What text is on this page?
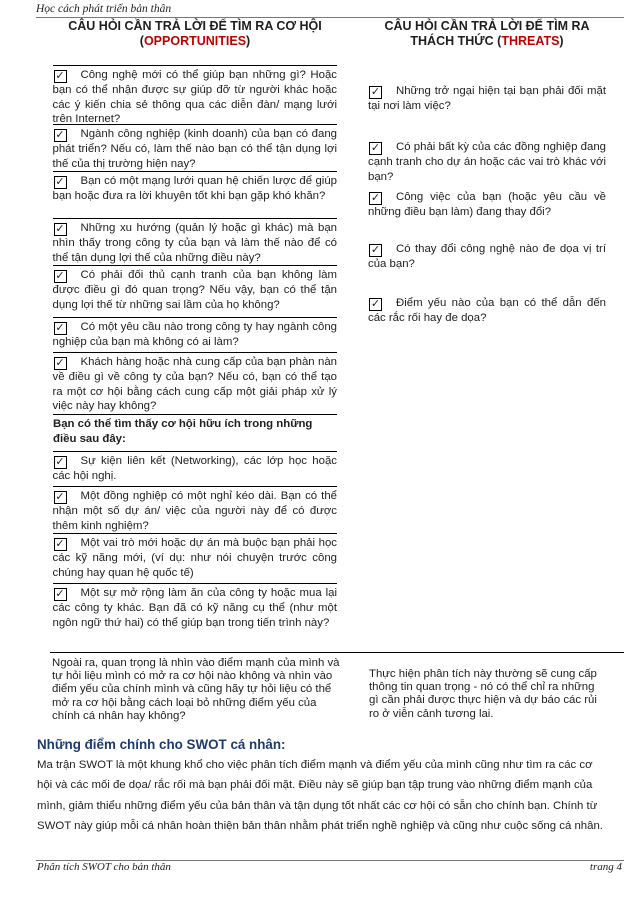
Học cách phát triển bản thân
CÂU HỎI CẦN TRẢ LỜI ĐỂ TÌM RA CƠ HỘI
(OPPORTUNITIES)
✓ Công nghệ mới có thể giúp bạn những gì? Hoặc bạn có thể nhận được sự giúp đỡ từ người khác hoặc các ý kiến chia sẻ thông qua các diễn đàn/ mạng lưới trên Internet?
✓ Ngành công nghiệp (kinh doanh) của bạn có đang phát triển? Nếu có, làm thế nào bạn có thể tận dụng lợi thế của thị trường hiện nay?
✓ Bạn có một mạng lưới quan hệ chiến lược để giúp bạn hoặc đưa ra lời khuyên tốt khi bạn gặp khó khăn?
✓ Những xu hướng (quản lý hoặc gì khác) mà bạn nhìn thấy trong công ty của bạn và làm thế nào để có thể tận dụng lợi thế của những điều này?
✓ Có phải đối thủ cạnh tranh của bạn không làm được điều gì đó quan trọng? Nếu vậy, bạn có thể tận dụng lợi thế từ những sai lầm của họ không?
✓ Có một yêu cầu nào trong công ty hay ngành công nghiệp của bạn mà không có ai làm?
✓ Khách hàng hoặc nhà cung cấp của bạn phàn nàn về điều gì về công ty của bạn? Nếu có, bạn có thể tạo ra một cơ hội bằng cách cung cấp một giải pháp xử lý việc này hay không?
Bạn có thể tìm thấy cơ hội hữu ích trong những điều sau đây:
✓ Sự kiện liên kết (Networking), các lớp học hoặc các hội nghị.
✓ Một đồng nghiệp có một nghỉ kéo dài. Bạn có thể nhận một số dự án/ việc của người này để có được thêm kinh nghiệm?
✓ Một vai trò mới hoặc dự án mà buộc bạn phải học các kỹ năng mới, (ví dụ: như nói chuyện trước công chúng hay quan hệ quốc tế)
✓ Một sự mở rộng làm ăn của công ty hoặc mua lại các công ty khác. Bạn đã có kỹ năng cụ thể (như một ngôn ngữ thứ hai) có thể giúp bạn trong tiến trình này?
CÂU HỎI CẦN TRẢ LỜI ĐỂ TÌM RA
THÁCH THỨC (THREATS)
✓ Những trở ngại hiện tại bạn phải đối mặt tại nơi làm việc?
✓ Có phải bất kỳ của các đồng nghiệp đang cạnh tranh cho dự án hoặc các vai trò khác với bạn?
✓ Công việc của bạn (hoặc yêu cầu về những điều bạn làm) đang thay đổi?
✓ Có thay đổi công nghệ nào đe dọa vị trí của bạn?
✓ Điểm yếu nào của bạn có thể dẫn đến các rắc rối hay đe dọa?
Ngoài ra, quan trọng là nhìn vào điểm mạnh của mình và tự hỏi liệu mình có mở ra cơ hội nào không và nhìn vào điểm yếu của chính mình và cũng hãy tự hỏi liệu có thể mở ra cơ hội bằng cách loại bỏ những điểm yếu của chính cá nhân hay không?
Thực hiện phân tích này thường sẽ cung cấp thông tin quan trọng - nó có thể chỉ ra những gì cần phải được thực hiện và dự báo các rủi ro ở viễn cảnh tương lai.
Những điểm chính cho SWOT cá nhân:
Ma trận SWOT là một khung khổ cho việc phân tích điểm mạnh và điểm yếu của mình cũng như tìm ra các cơ
hội và các mối đe dọa/ rắc rối mà bạn phải đối mặt. Điều này sẽ giúp bạn tập trung vào những điểm mạnh của
mình, giảm thiểu những điểm yếu của bản thân và tận dụng tốt nhất các cơ hội có sẵn cho chính bạn. Chính từ
SWOT này giúp mỗi cá nhân hoàn thiện bản thân nhằm phát triển nghề nghiệp và cũng như cuộc sống cá nhân.
Phân tích SWOT cho bản thân	trang 4
